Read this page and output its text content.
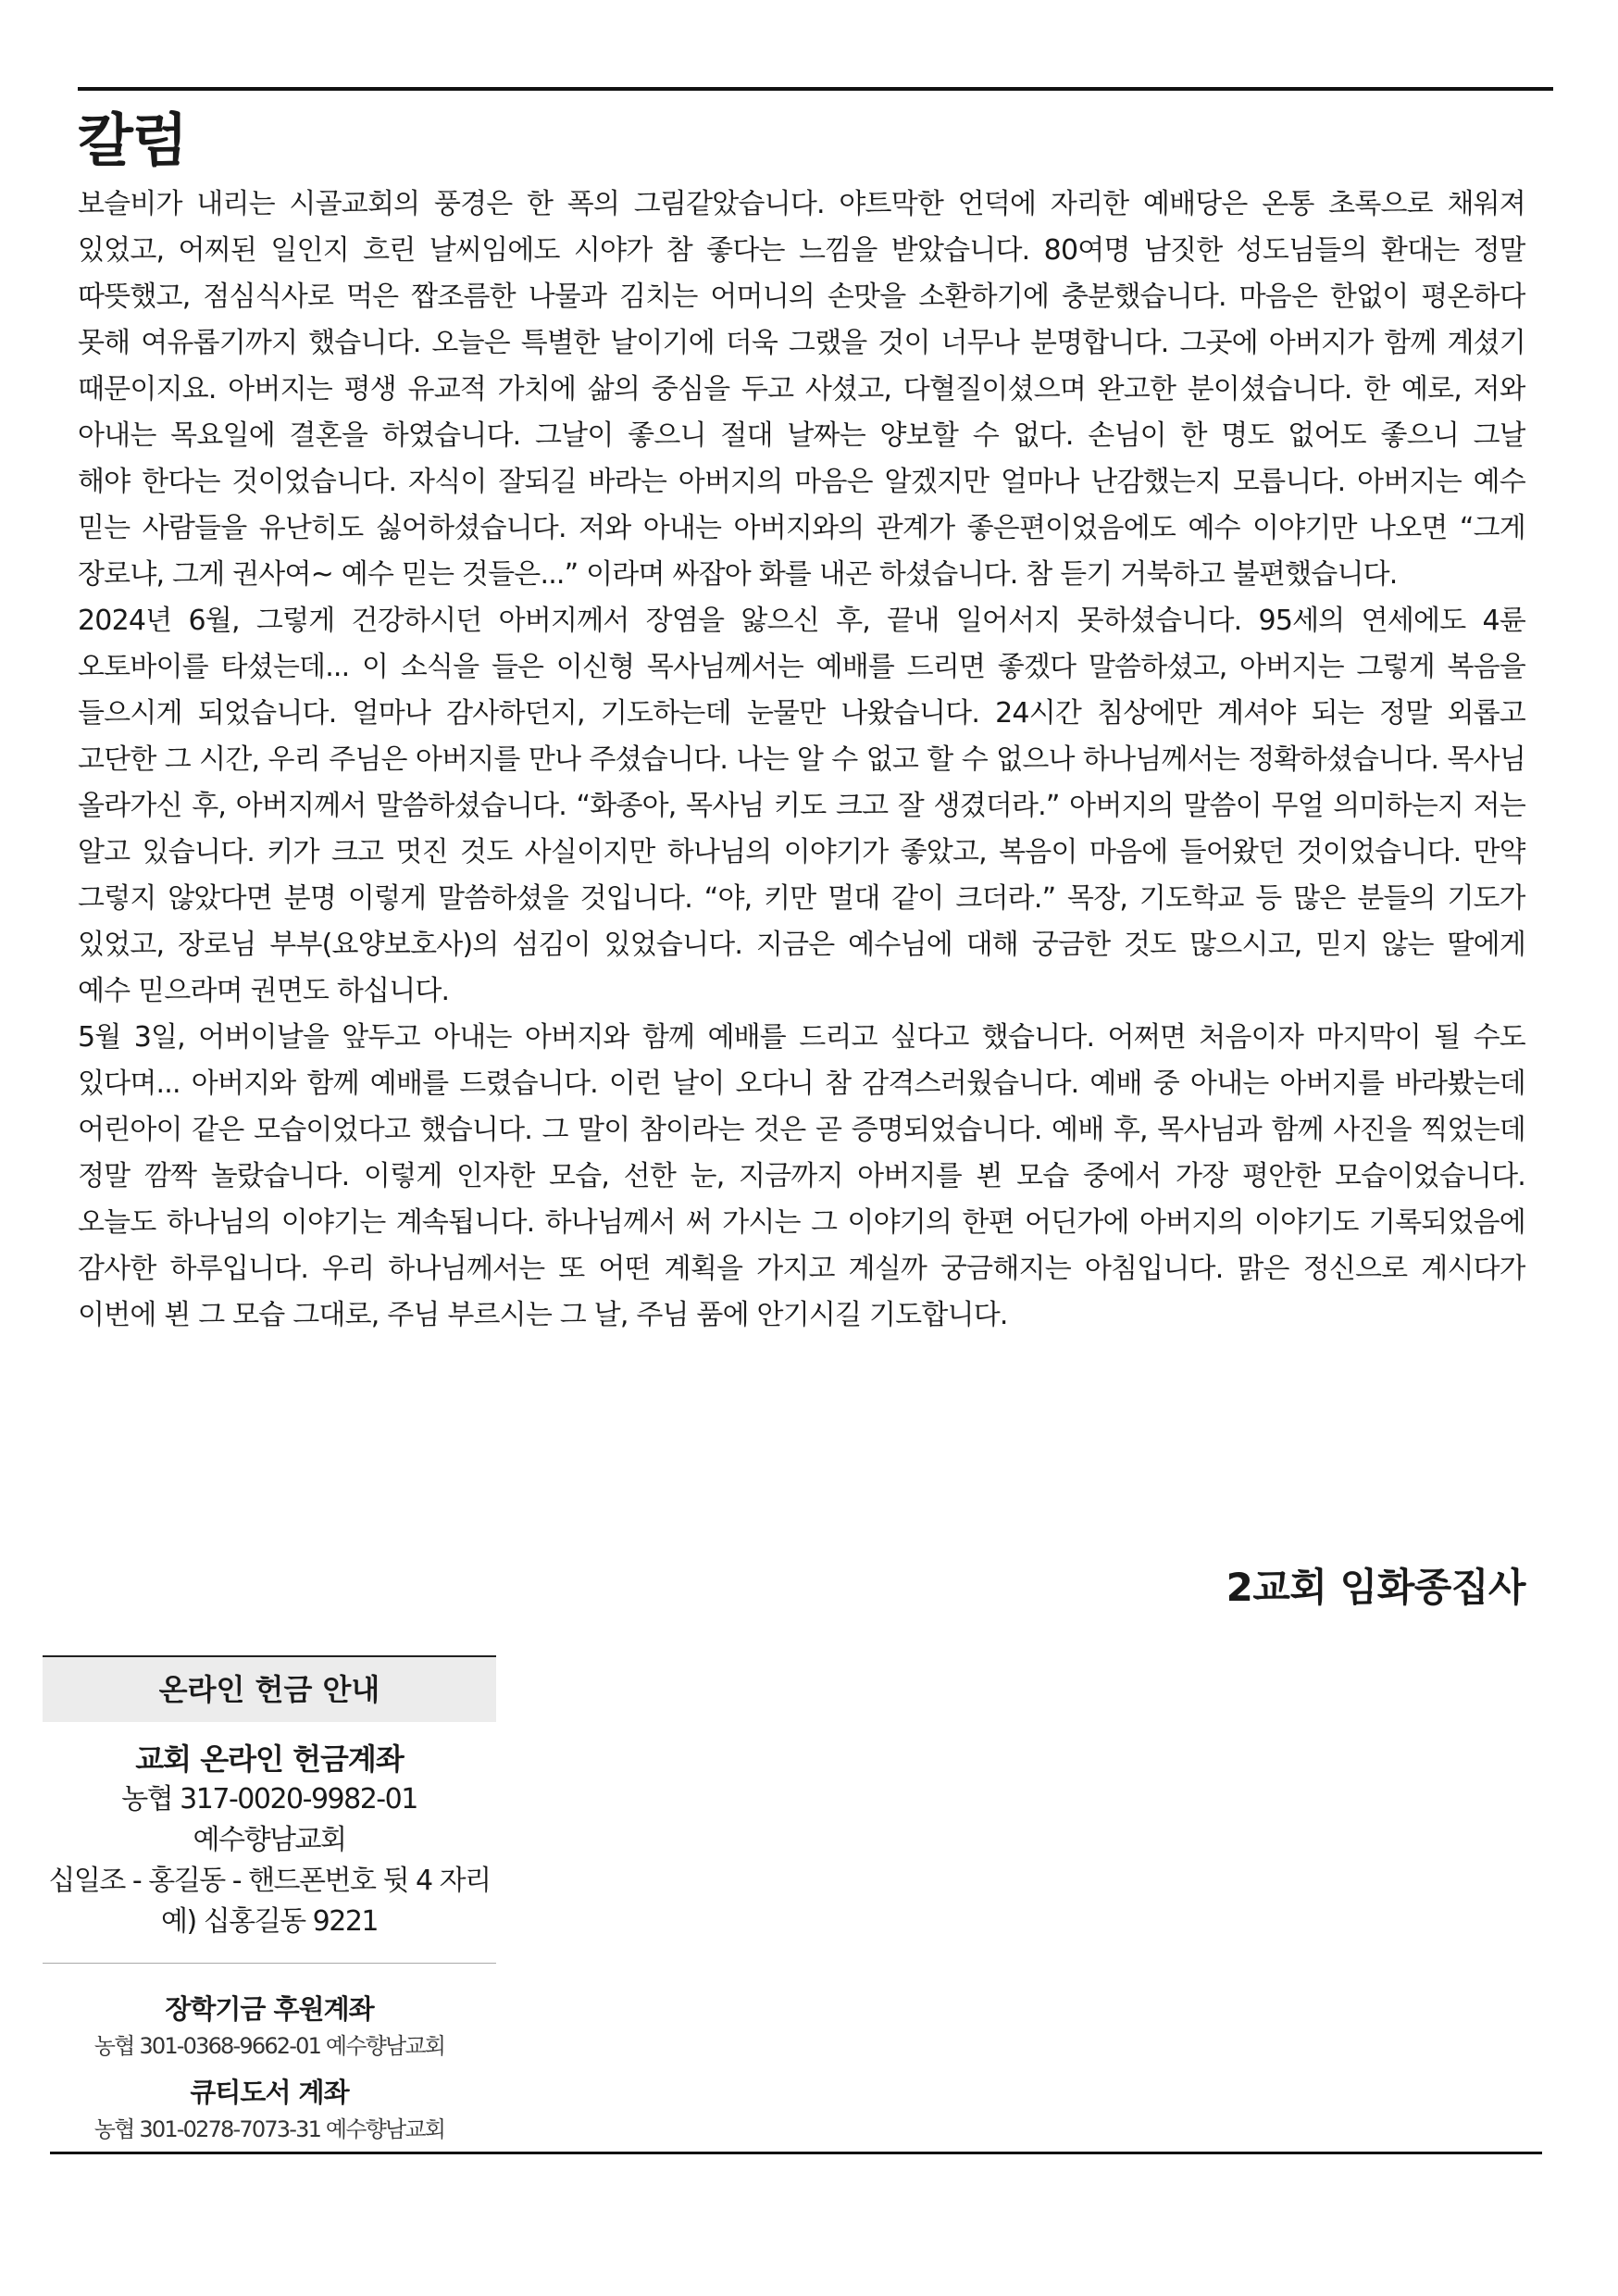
칼럼
보슬비가 내리는 시골교회의 풍경은 한 폭의 그림같았습니다. 야트막한 언덕에 자리한 예배당은 온통 초록으로 채워져
있었고, 어찌된 일인지 흐린 날씨임에도 시야가 참 좋다는 느낌을 받았습니다. 80여명 남짓한 성도님들의 환대는 정말
따뜻했고, 점심식사로 먹은 짭조름한 나물과 김치는 어머니의 손맛을 소환하기에 충분했습니다. 마음은 한없이 평온하다
못해 여유롭기까지 했습니다. 오늘은 특별한 날이기에 더욱 그랬을 것이 너무나 분명합니다. 그곳에 아버지가 함께 계셨기
때문이지요. 아버지는 평생 유교적 가치에 삶의 중심을 두고 사셨고, 다혈질이셨으며 완고한 분이셨습니다. 한 예로, 저와
아내는 목요일에 결혼을 하였습니다. 그날이 좋으니 절대 날짜는 양보할 수 없다. 손님이 한 명도 없어도 좋으니 그날
해야 한다는 것이었습니다. 자식이 잘되길 바라는 아버지의 마음은 알겠지만 얼마나 난감했는지 모릅니다. 아버지는 예수
믿는 사람들을 유난히도 싫어하셨습니다. 저와 아내는 아버지와의 관계가 좋은편이었음에도 예수 이야기만 나오면 “그게
장로냐, 그게 권사여~ 예수 믿는 것들은...” 이라며 싸잡아 화를 내곤 하셨습니다. 참 듣기 거북하고 불편했습니다.
2024년 6월, 그렇게 건강하시던 아버지께서 장염을 앓으신 후, 끝내 일어서지 못하셨습니다. 95세의 연세에도 4륜
오토바이를 타셨는데... 이 소식을 들은 이신형 목사님께서는 예배를 드리면 좋겠다 말씀하셨고, 아버지는 그렇게 복음을
들으시게 되었습니다. 얼마나 감사하던지, 기도하는데 눈물만 나왔습니다. 24시간 침상에만 계셔야 되는 정말 외롭고
고단한 그 시간, 우리 주님은 아버지를 만나 주셨습니다. 나는 알 수 없고 할 수 없으나 하나님께서는 정확하셨습니다. 목사님
올라가신 후, 아버지께서 말씀하셨습니다. “화종아, 목사님 키도 크고 잘 생겼더라.” 아버지의 말씀이 무얼 의미하는지 저는
알고 있습니다. 키가 크고 멋진 것도 사실이지만 하나님의 이야기가 좋았고, 복음이 마음에 들어왔던 것이었습니다. 만약
그렇지 않았다면 분명 이렇게 말씀하셨을 것입니다. “야, 키만 멀대 같이 크더라.” 목장, 기도학교 등 많은 분들의 기도가
있었고, 장로님 부부(요양보호사)의 섬김이 있었습니다. 지금은 예수님에 대해 궁금한 것도 많으시고, 믿지 않는 딸에게
예수 믿으라며 권면도 하십니다.
5월 3일, 어버이날을 앞두고 아내는 아버지와 함께 예배를 드리고 싶다고 했습니다. 어쩌면 처음이자 마지막이 될 수도
있다며... 아버지와 함께 예배를 드렸습니다. 이런 날이 오다니 참 감격스러웠습니다. 예배 중 아내는 아버지를 바라봤는데
어린아이 같은 모습이었다고 했습니다. 그 말이 참이라는 것은 곧 증명되었습니다. 예배 후, 목사님과 함께 사진을 찍었는데
정말 깜짝 놀랐습니다. 이렇게 인자한 모습, 선한 눈, 지금까지 아버지를 뵌 모습 중에서 가장 평안한 모습이었습니다.
오늘도 하나님의 이야기는 계속됩니다. 하나님께서 써 가시는 그 이야기의 한편 어딘가에 아버지의 이야기도 기록되었음에
감사한 하루입니다. 우리 하나님께서는 또 어떤 계획을 가지고 계실까 궁금해지는 아침입니다. 맑은 정신으로 계시다가
이번에 뵌 그 모습 그대로, 주님 부르시는 그 날, 주님 품에 안기시길 기도합니다.
2교회 임화종집사
온라인 헌금 안내
교회 온라인 헌금계좌
농협 317-0020-9982-01
예수향남교회
십일조 - 홍길동 - 핸드폰번호 뒷 4 자리
예) 십홍길동 9221
장학기금 후원계좌
농협 301-0368-9662-01 예수향남교회
큐티도서 계좌
농협 301-0278-7073-31 예수향남교회
